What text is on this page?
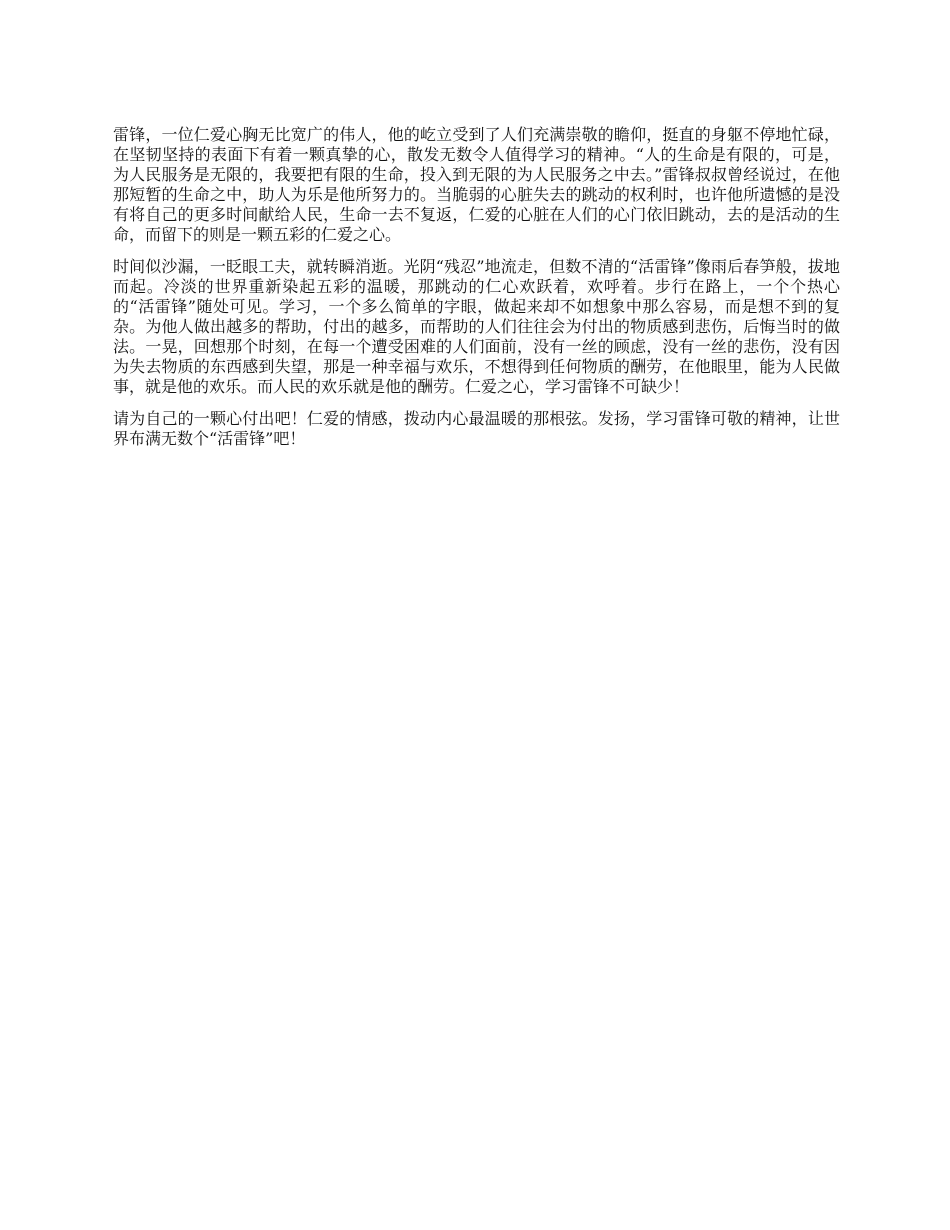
雷锋，一位仁爱心胸无比宽广的伟人，他的屹立受到了人们充满崇敬的瞻仰，挺直的身躯不停地忙碌，在坚韧坚持的表面下有着一颗真挚的心，散发无数令人值得学习的精神。“人的生命是有限的，可是，为人民服务是无限的，我要把有限的生命，投入到无限的为人民服务之中去。”雷锋叔叔曾经说过，在他那短暂的生命之中，助人为乐是他所努力的。当脆弱的心脏失去的跳动的权利时，也许他所遗憾的是没有将自己的更多时间献给人民，生命一去不复返，仁爱的心脏在人们的心门依旧跳动，去的是活动的生命，而留下的则是一颗五彩的仁爱之心。

时间似沙漏，一眨眼工夫，就转瞬消逝。光阴“残忍”地流走，但数不清的“活雷锋”像雨后春笋般，拔地而起。冷淡的世界重新染起五彩的温暖，那跳动的仁心欢跃着，欢呼着。步行在路上，一个个热心的“活雷锋”随处可见。学习，一个多么简单的字眼，做起来却不如想象中那么容易，而是想不到的复杂。为他人做出越多的帮助，付出的越多，而帮助的人们往往会为付出的物质感到悲伤，后悔当时的做法。一晃，回想那个时刻，在每一个遭受困难的人们面前，没有一丝的顾虑，没有一丝的悲伤，没有因为失去物质的东西感到失望，那是一种幸福与欢乐，不想得到任何物质的酬劳，在他眼里，能为人民做事，就是他的欢乐。而人民的欢乐就是他的酬劳。仁爱之心，学习雷锋不可缺少！

请为自己的一颗心付出吧！仁爱的情感，拨动内心最温暖的那根弦。发扬，学习雷锋可敬的精神，让世界布满无数个“活雷锋”吧！
